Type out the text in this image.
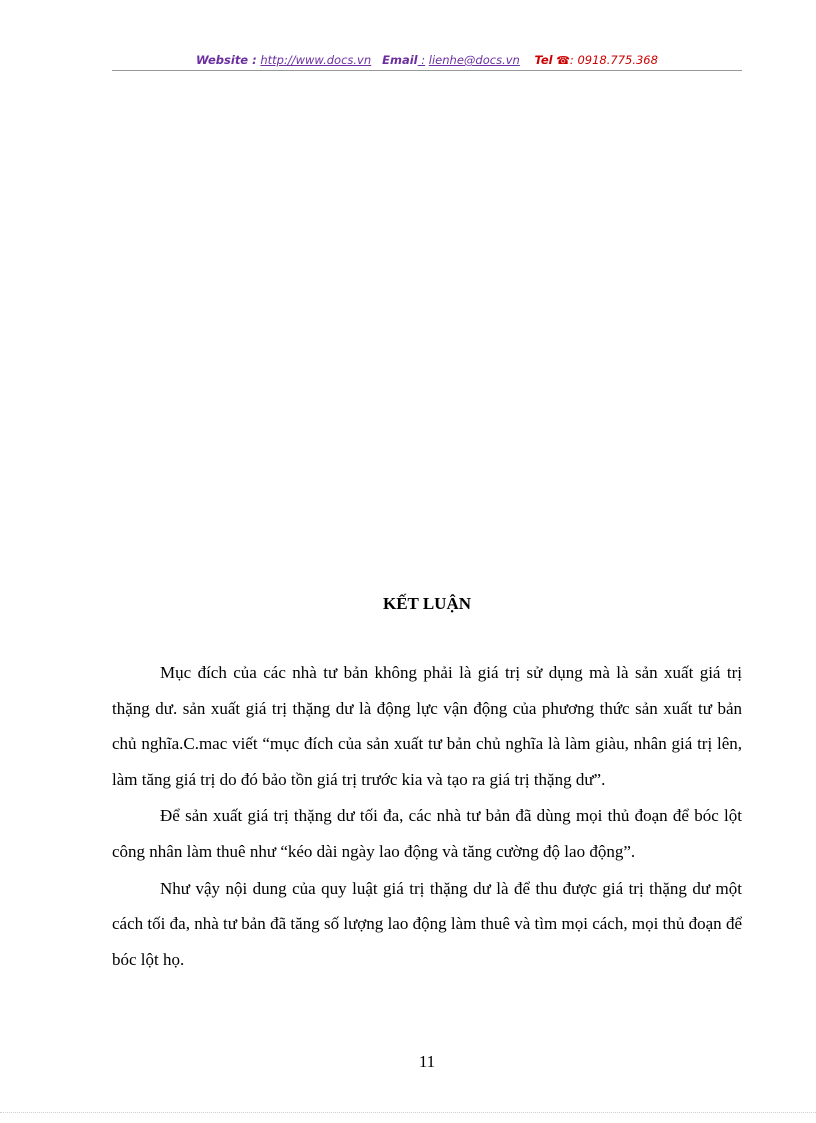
Website : http://www.docs.vn Email : lienhe@docs.vn Tel ☎: 0918.775.368
KẾT LUẬN

Mục đích của các nhà tư bản không phải là giá trị sử dụng mà là sản xuất giá trị thặng dư. sản xuất giá trị thặng dư là động lực vận động của phương thức sản xuất tư bản chủ nghĩa.C.mac viết “mục đích của sản xuất tư bản chủ nghĩa là làm giàu, nhân giá trị lên, làm tăng giá trị do đó bảo tồn giá trị trước kia và tạo ra giá trị thặng dư”.

Để sản xuất giá trị thặng dư tối đa, các nhà tư bản đã dùng mọi thủ đoạn để bóc lột công nhân làm thuê như “kéo dài ngày lao động và tăng cường độ lao động”.

Như vậy nội dung của quy luật giá trị thặng dư là để thu được giá trị thặng dư một cách tối đa, nhà tư bản đã tăng số lượng lao động làm thuê và tìm mọi cách, mọi thủ đoạn để bóc lột họ.

11
